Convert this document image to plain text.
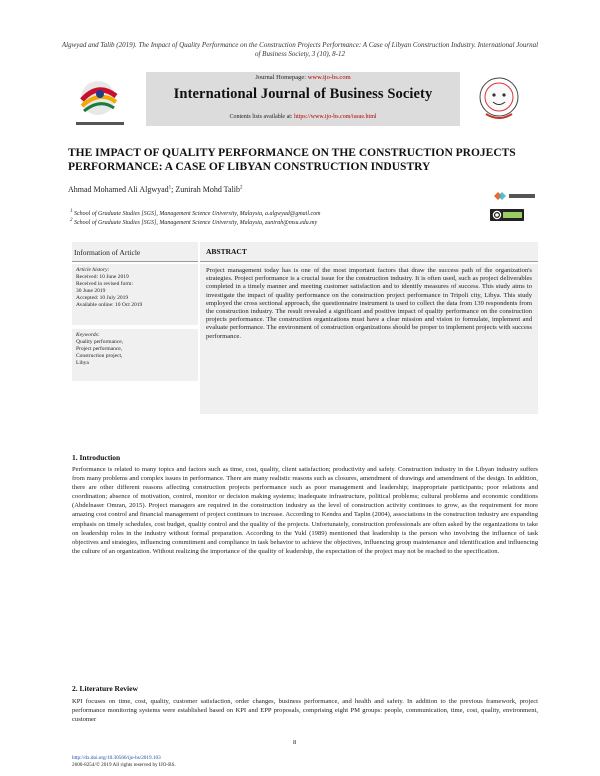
Algwyad and Talib (2019). The Impact of Quality Performance on the Construction Projects Performance: A Case of Libyan Construction Industry. International Journal of Business Society, 3 (10), 8-12
Journal Homepage: www.ijo-bs.com
International Journal of Business Society
Contents lists available at: https://www.ijo-bs.com/issue.html
THE IMPACT OF QUALITY PERFORMANCE ON THE CONSTRUCTION PROJECTS PERFORMANCE: A CASE OF LIBYAN CONSTRUCTION INDUSTRY
Ahmad Mohamed Ali Algwyad$^1$; Zunirah Mohd Talib$^2$
$^1$ School of Graduate Studies [SGS], Management Science University, Malaysia, a.algwyad@gmail.com
$^2$ School of Graduate Studies [SGS], Management Science University, Malaysia, zunirah@msu.edu.my
Information of Article
Article history:
Received: 10 June 2019
Received in revised form:
30 June 2019
Accepted: 10 July 2019
Available online: 10 Oct 2019
Keywords:
Quality performance,
Project performance,
Construction project,
Libya
ABSTRACT
Project management today has is one of the most important factors that draw the success path of the organization's strategies. Project performance is a crucial issue for the construction industry. It is often used, such as project deliverables completed in a timely manner and meeting customer satisfaction and to identify measures of success. This study aims to investigate the impact of quality performance on the construction project performance in Tripoli city, Libya. This study employed the cross sectional approach, the questionnaire instrument is used to collect the data from 139 respondents from the construction industry. The result revealed a significant and positive impact of quality performance on the construction projects performance. The construction organizations must have a clear mission and vision to formulate, implement and evaluate performance. The environment of construction organizations should be proper to implement projects with success performance.
1. Introduction
Performance is related to many topics and factors such as time, cost, quality, client satisfaction; productivity and safety. Construction industry in the Libyan industry suffers from many problems and complex issues in performance. There are many realistic reasons such as closures, amendment of drawings and amendment of the design. In addition, there are other different reasons affecting construction projects performance such as poor management and leadership; inappropriate participants; poor relations and coordination; absence of motivation, control, monitor or decision making systems; inadequate infrastructure, political problems; cultural problems and economic conditions (Abdelnaser Omran, 2015). Project managers are required in the construction industry as the level of construction activity continues to grow, as the requirement for more amazing cost control and financial management of project continues to increase. According to Kendra and Taplin (2004), associations in the construction industry are expanding emphasis on timely schedules, cost budget, quality control and the quality of the projects. Unfortunately, construction professionals are often asked by the organizations to take on leadership roles in the industry without formal preparation. According to the Yukl (1989) mentioned that leadership is the person who involving the influence of task objectives and strategies, influencing commitment and compliance in task behavior to achieve the objectives, influencing group maintenance and identification and influencing the culture of an organization. Without realizing the importance of the quality of leadership, the expectation of the project may not be reached to the specification.
2. Literature Review
KPI focuses on time, cost, quality, customer satisfaction, order changes, business performance, and health and safety. In addition to the previous framework, project performance monitoring systems were established based on KPI and EPP proposals, comprising eight PM groups: people, communication, time, cost, quality, environment, customer
8
http://dx.doi.org/10.30566/ijo-bs/2019.103
2600-8254/© 2019 All rights reserved by IJO-BS.
